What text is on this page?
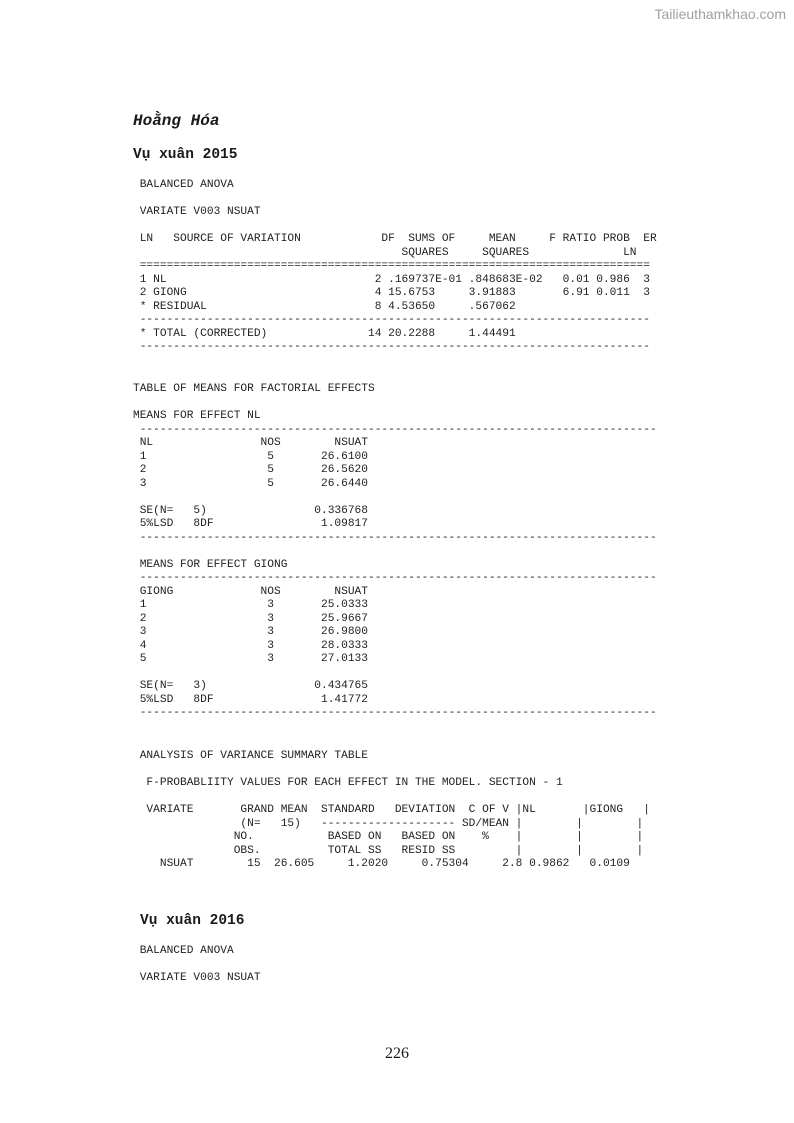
Tailieuthamkhao.com
Hoằng Hóa
Vụ xuân 2015
BALANCED ANOVA

VARIATE V003 NSUAT

LN   SOURCE OF VARIATION            DF  SUMS OF     MEAN     F RATIO PROB  ER
SQUARES     SQUARES              LN
============================================================================
1 NL                               2 .169737E-01 .848683E-02   0.01 0.986  3
2 GIONG                            4 15.6753     3.91883       6.91 0.011  3
* RESIDUAL                         8 4.53650     .567062
----------------------------------------------------------------------------
* TOTAL (CORRECTED)               14 20.2288     1.44491
----------------------------------------------------------------------------
TABLE OF MEANS FOR FACTORIAL EFFECTS

MEANS FOR EFFECT NL
-----------------------------------------------------------------------------
NL                NOS        NSUAT
1                  5       26.6100
2                  5       26.5620
3                  5       26.6440

SE(N=   5)                0.336768
5%LSD   8DF                1.09817
-----------------------------------------------------------------------------

MEANS FOR EFFECT GIONG
-----------------------------------------------------------------------------
GIONG             NOS        NSUAT
1                  3       25.0333
2                  3       25.9667
3                  3       26.9800
4                  3       28.0333
5                  3       27.0133

SE(N=   3)                0.434765
5%LSD   8DF                1.41772
-----------------------------------------------------------------------------
ANALYSIS OF VARIANCE SUMMARY TABLE

F-PROBABLIITY VALUES FOR EACH EFFECT IN THE MODEL. SECTION - 1

VARIATE       GRAND MEAN  STANDARD   DEVIATION  C OF V |NL       |GIONG   |
(N=   15)   -------------------- SD/MEAN |        |        |
NO.           BASED ON   BASED ON    %    |        |        |
OBS.          TOTAL SS   RESID SS         |        |        |
NSUAT        15  26.605     1.2020     0.75304     2.8 0.9862   0.0109
Vụ xuân 2016
BALANCED ANOVA

VARIATE V003 NSUAT
226
